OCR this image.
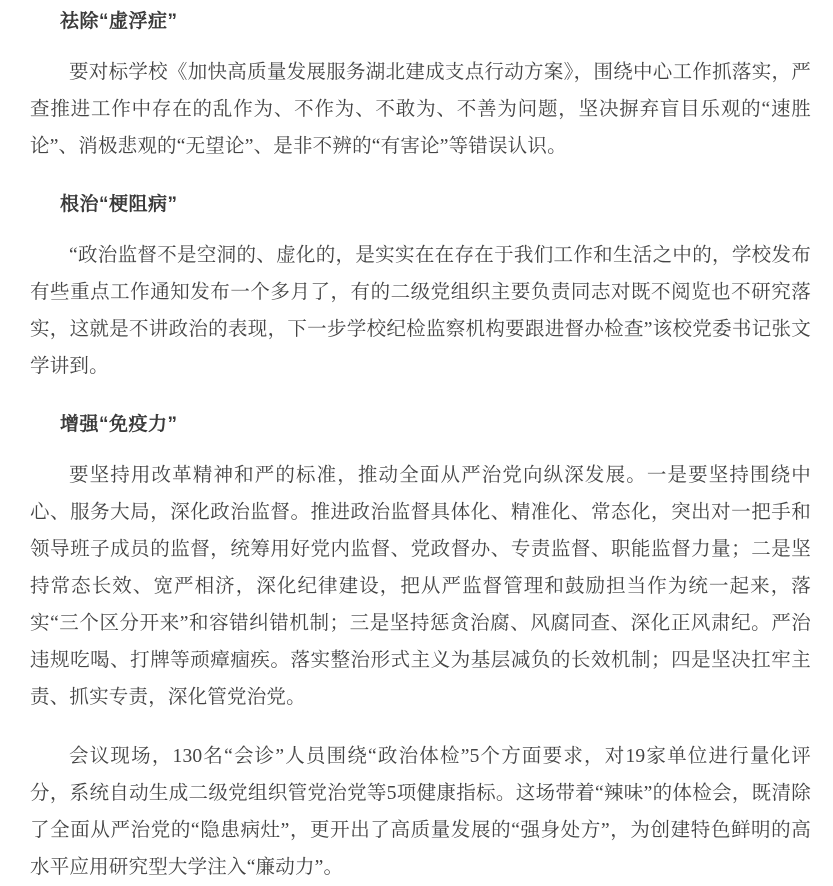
祛除“虚浮症”

要对标学校《加快高质量发展服务湖北建成支点行动方案》，围绕中心工作抓落实，严查推进工作中存在的乱作为、不作为、不敢为、不善为问题，坚决摒弃盲目乐观的“速胜论”、消极悲观的“无望论”、是非不辨的“有害论”等错误认识。

根治“梗阻病”

“政治监督不是空洞的、虚化的，是实实在在存在于我们工作和生活之中的，学校发布有些重点工作通知发布一个多月了，有的二级党组织主要负责同志对既不阅览也不研究落实，这就是不讲政治的表现，下一步学校纪检监察机构要跟进督办检查”该校党委书记张文学讲到。

增强“免疫力”

要坚持用改革精神和严的标准，推动全面从严治党向纵深发展。一是要坚持围绕中心、服务大局，深化政治监督。推进政治监督具体化、精准化、常态化，突出对一把手和领导班子成员的监督，统筹用好党内监督、党政督办、专责监督、职能监督力量；二是坚持常态长效、宽严相济，深化纪律建设，把从严监督管理和鼓励担当作为统一起来，落实“三个区分开来”和容错纠错机制；三是坚持惩贪治腐、风腐同查、深化正风肃纪。严治违规吃喝、打牌等顽瘴痼疾。落实整治形式主义为基层减负的长效机制；四是坚决扛牢主责、抓实专责，深化管党治党。

会议现场，130名“会诊”人员围绕“政治体检”5个方面要求，对19家单位进行量化评分，系统自动生成二级党组织管党治党等5项健康指标。这场带着“辣味”的体检会，既清除了全面从严治党的“隐患病灶”，更开出了高质量发展的“强身处方”，为创建特色鲜明的高水平应用研究型大学注入“廉动力”。
